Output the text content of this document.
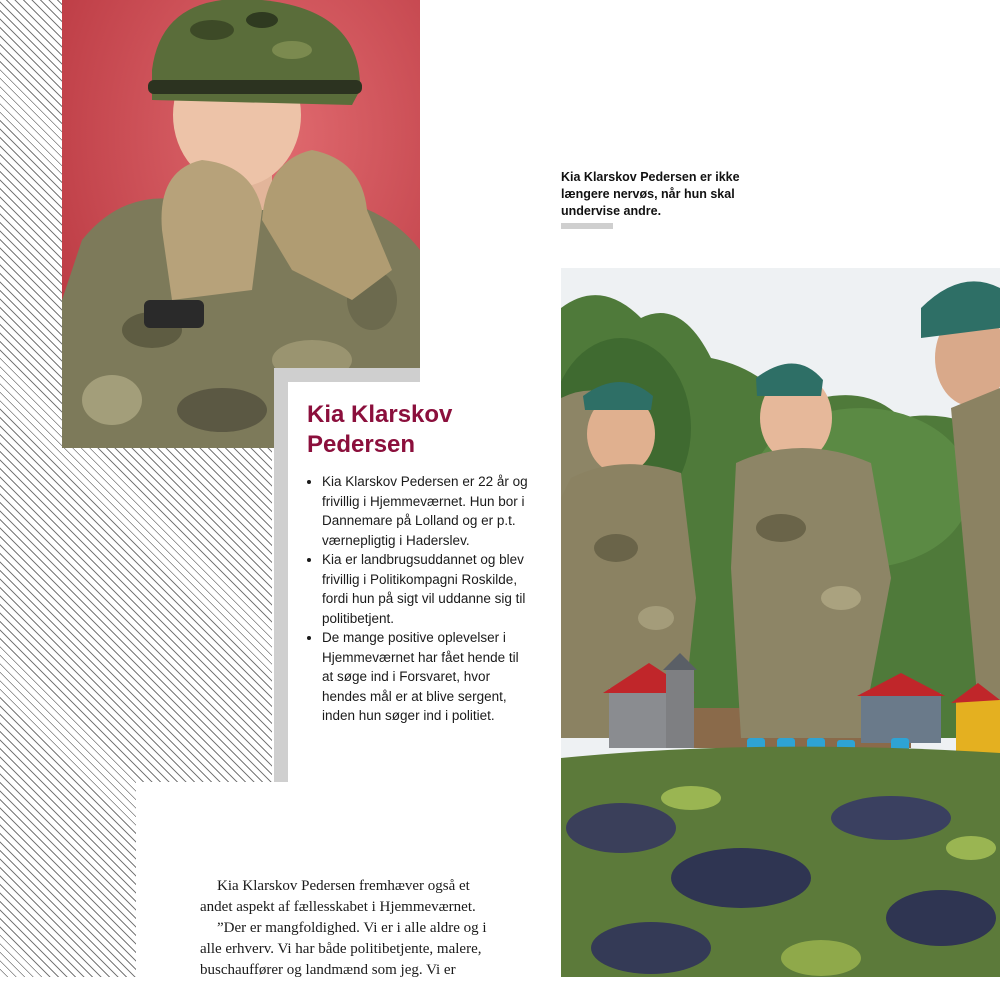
Kia Klarskov
Pedersen
• Kia Klarskov Pedersen er 22 år og frivillig i Hjemmeværnet. Hun bor i Dannemare på Lolland og er p.t. værnepligtig i Haderslev.
• Kia er landbrugsuddannet og blev frivillig i Politikompagni Roskilde, fordi hun på sigt vil uddanne sig til politibetjent.
• De mange positive oplevelser i Hjemmeværnet har fået hende til at søge ind i Forsvaret, hvor hendes mål er at blive sergent, inden hun søger ind i politiet.

Kia Klarskov Pedersen fremhæver også et andet aspekt af fællesskabet i Hjemmeværnet.

”Der er mangfoldighed. Vi er i alle aldre og i alle erhverv. Vi har både politibetjente, malere, buschauffører og landmænd som jeg. Vi er

Kia Klarskov Pedersen er ikke længere nervøs, når hun skal undervise andre.
